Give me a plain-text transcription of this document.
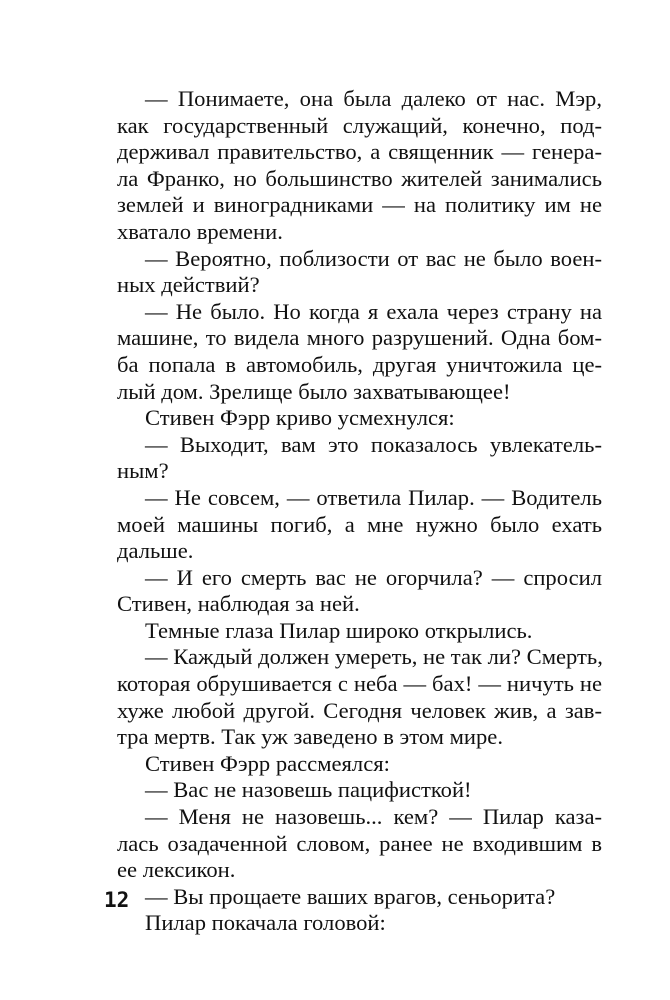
— Понимаете, она была далеко от нас. Мэр,
как государственный служащий, конечно, под-
держивал правительство, а священник — генера-
ла Франко, но большинство жителей занимались
землей и виноградниками — на политику им не
хватало времени.
— Вероятно, поблизости от вас не было воен-
ных действий?
— Не было. Но когда я ехала через страну на
машине, то видела много разрушений. Одна бом-
ба попала в автомобиль, другая уничтожила це-
лый дом. Зрелище было захватывающее!
Стивен Фэрр криво усмехнулся:
— Выходит, вам это показалось увлекатель-
ным?
— Не совсем, — ответила Пилар. — Водитель
моей машины погиб, а мне нужно было ехать
дальше.
— И его смерть вас не огорчила? — спросил
Стивен, наблюдая за ней.
Темные глаза Пилар широко открылись.
— Каждый должен умереть, не так ли? Смерть,
которая обрушивается с неба — бах! — ничуть не
хуже любой другой. Сегодня человек жив, а зав-
тра мертв. Так уж заведено в этом мире.
Стивен Фэрр рассмеялся:
— Вас не назовешь пацифисткой!
— Меня не назовешь... кем? — Пилар каза-
лась озадаченной словом, ранее не входившим в
ее лексикон.
— Вы прощаете ваших врагов, сеньорита?
Пилар покачала головой:
12
